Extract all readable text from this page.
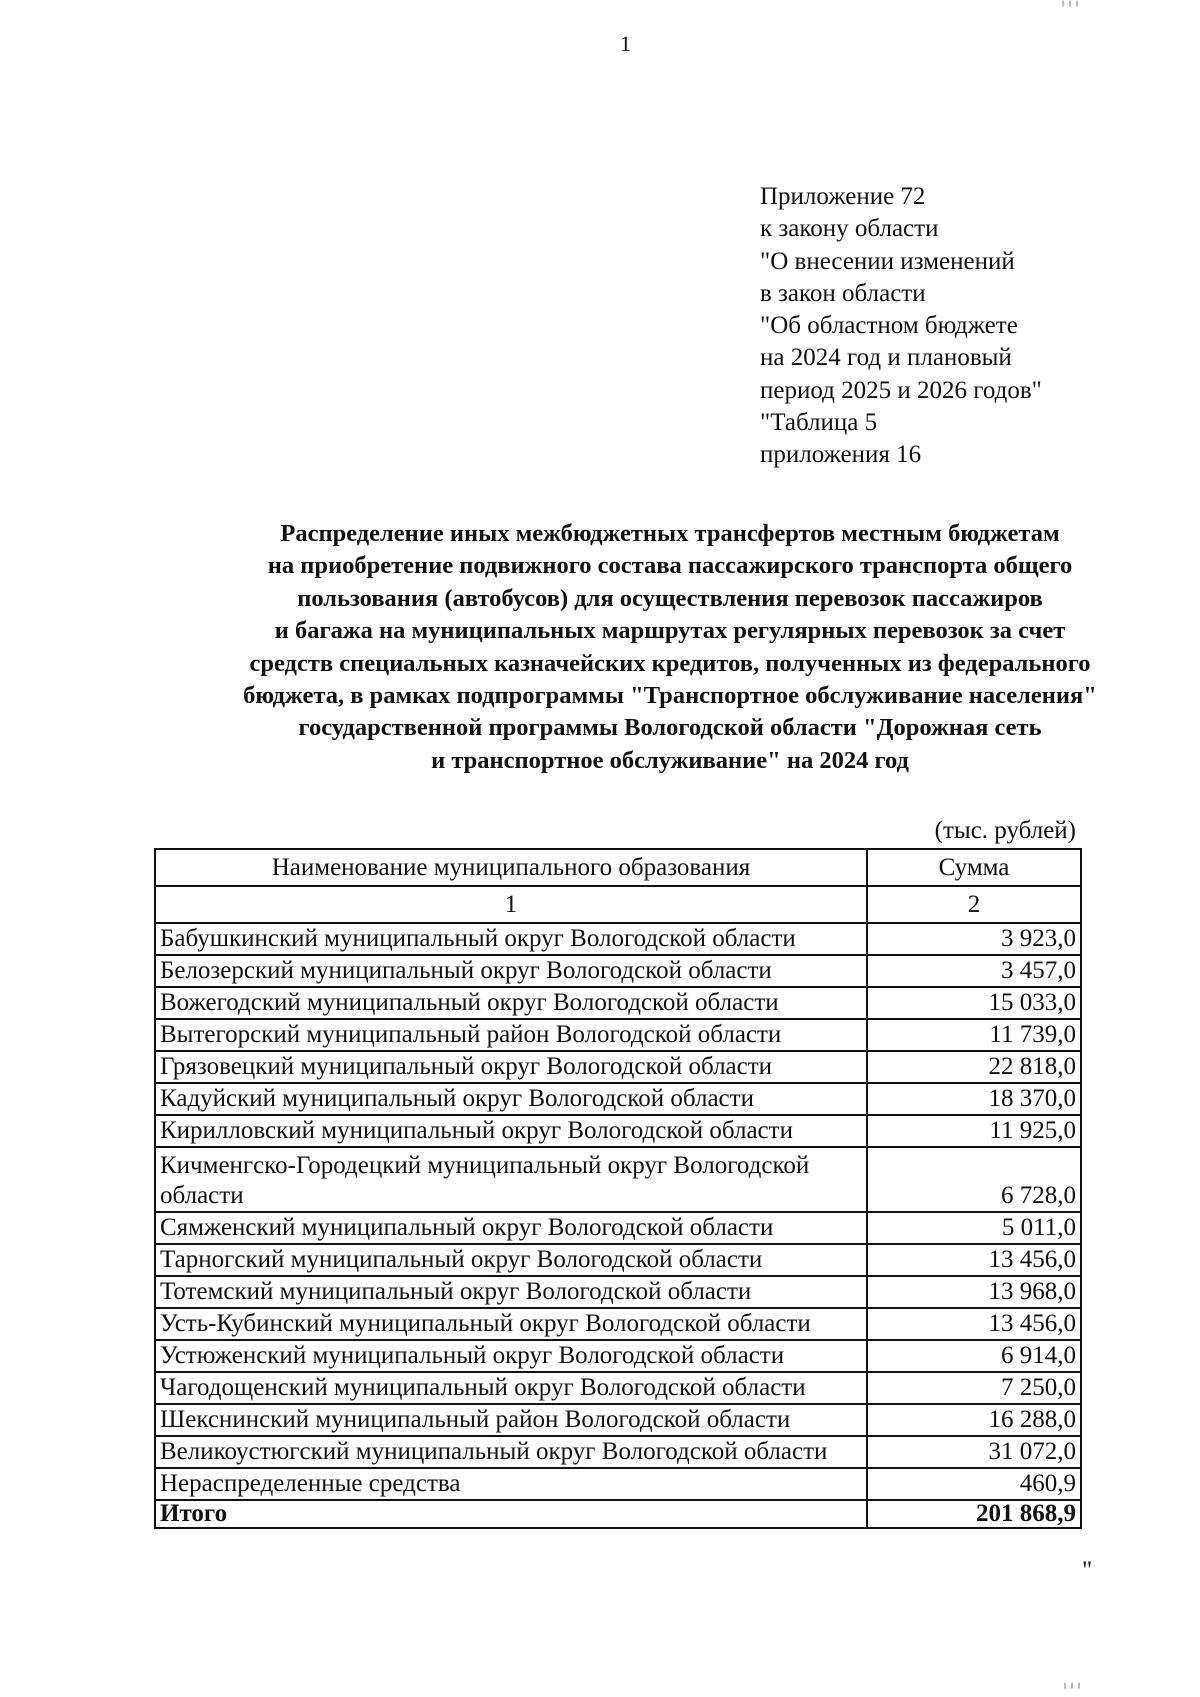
╷╷╷
1
Приложение 72
к закону области
"О внесении изменений
в закон области
"Об областном бюджете
на 2024 год и плановый
период 2025 и 2026 годов"
"Таблица 5
приложения 16
Распределение иных межбюджетных трансфертов местным бюджетам
на приобретение подвижного состава пассажирского транспорта общего
пользования (автобусов) для осуществления перевозок пассажиров
и багажа на муниципальных маршрутах регулярных перевозок за счет
средств специальных казначейских кредитов, полученных из федерального
бюджета, в рамках подпрограммы "Транспортное обслуживание населения"
государственной программы Вологодской области "Дорожная сеть
и транспортное обслуживание" на 2024 год
(тыс. рублей)
Наименование муниципального образования	Сумма
1	2
Бабушкинский муниципальный округ Вологодской области	3 923,0
Белозерский муниципальный округ Вологодской области	3 457,0
Вожегодский муниципальный округ Вологодской области	15 033,0
Вытегорский муниципальный район Вологодской области	11 739,0
Грязовецкий муниципальный округ Вологодской области	22 818,0
Кадуйский муниципальный округ Вологодской области	18 370,0
Кирилловский муниципальный округ Вологодской области	11 925,0
Кичменгско-Городецкий муниципальный округ Вологодской области	6 728,0
Сямженский муниципальный округ Вологодской области	5 011,0
Тарногский муниципальный округ Вологодской области	13 456,0
Тотемский муниципальный округ Вологодской области	13 968,0
Усть-Кубинский муниципальный округ Вологодской области	13 456,0
Устюженский муниципальный округ Вологодской области	6 914,0
Чагодощенский муниципальный округ Вологодской области	7 250,0
Шекснинский муниципальный район Вологодской области	16 288,0
Великоустюгский муниципальный округ Вологодской области	31 072,0
Нераспределенные средства	460,9
Итого	201 868,9
"
╵╵╵
